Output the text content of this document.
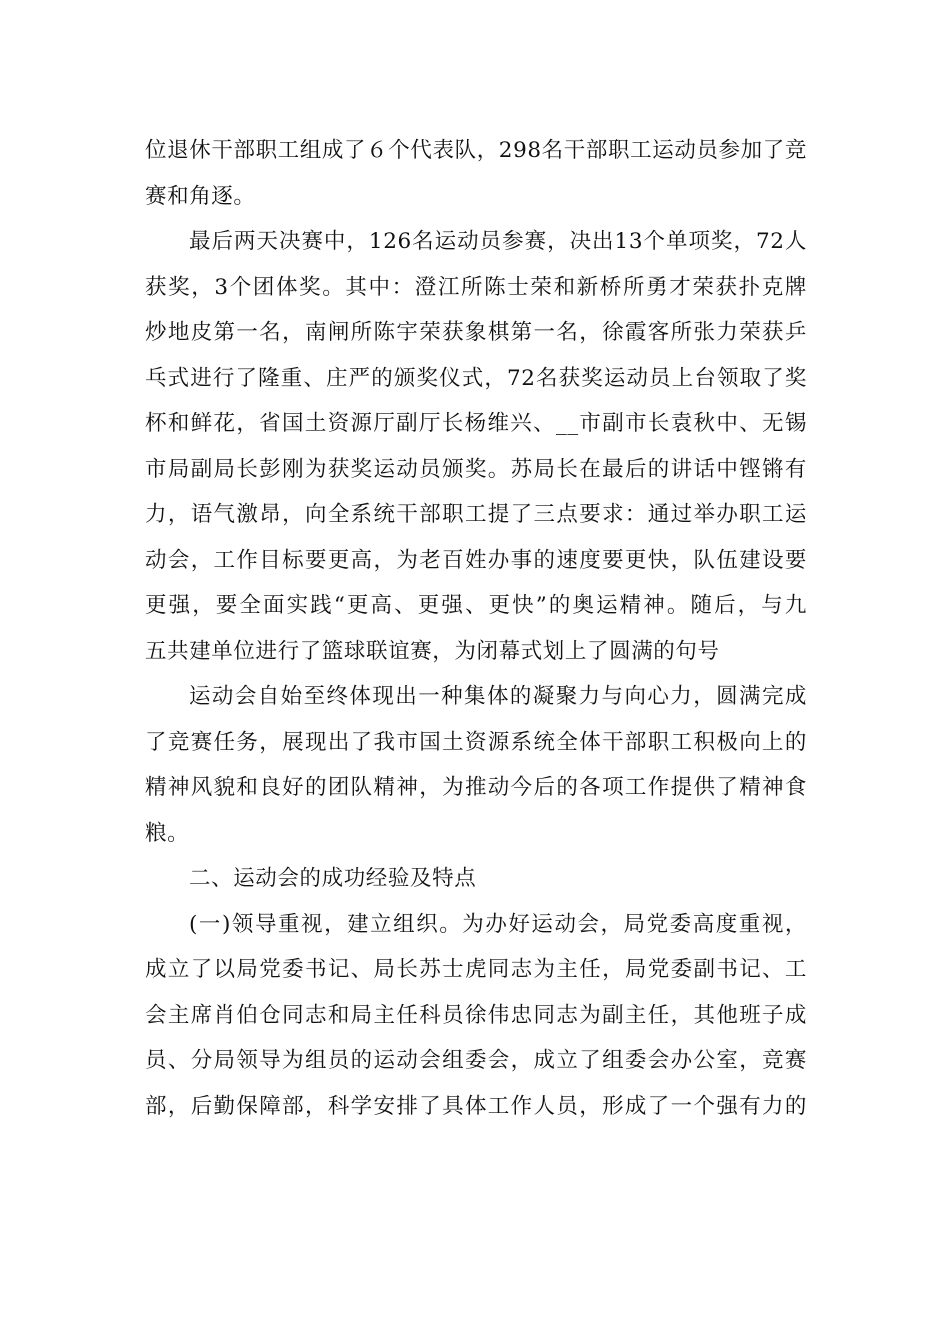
位退休干部职工组成了６个代表队，298名干部职工运动员参加了竞
赛和角逐。
最后两天决赛中，126名运动员参赛，决出13个单项奖，72人
获奖，3个团体奖。其中：澄江所陈士荣和新桥所勇才荣获扑克牌
炒地皮第一名，南闸所陈宇荣获象棋第一名，徐霞客所张力荣获乒
乓式进行了隆重、庄严的颁奖仪式，72名获奖运动员上台领取了奖
杯和鲜花，省国土资源厅副厅长杨维兴、__市副市长袁秋中、无锡
市局副局长彭刚为获奖运动员颁奖。苏局长在最后的讲话中铿锵有
力，语气激昂，向全系统干部职工提了三点要求：通过举办职工运
动会，工作目标要更高，为老百姓办事的速度要更快，队伍建设要
更强，要全面实践“更高、更强、更快”的奥运精神。随后，与九
五共建单位进行了篮球联谊赛，为闭幕式划上了圆满的句号
运动会自始至终体现出一种集体的凝聚力与向心力，圆满完成
了竞赛任务，展现出了我市国土资源系统全体干部职工积极向上的
精神风貌和良好的团队精神，为推动今后的各项工作提供了精神食
粮。
二、运动会的成功经验及特点
(一)领导重视，建立组织。为办好运动会，局党委高度重视，
成立了以局党委书记、局长苏士虎同志为主任，局党委副书记、工
会主席肖伯仓同志和局主任科员徐伟忠同志为副主任，其他班子成
员、分局领导为组员的运动会组委会，成立了组委会办公室，竞赛
部，后勤保障部，科学安排了具体工作人员，形成了一个强有力的
